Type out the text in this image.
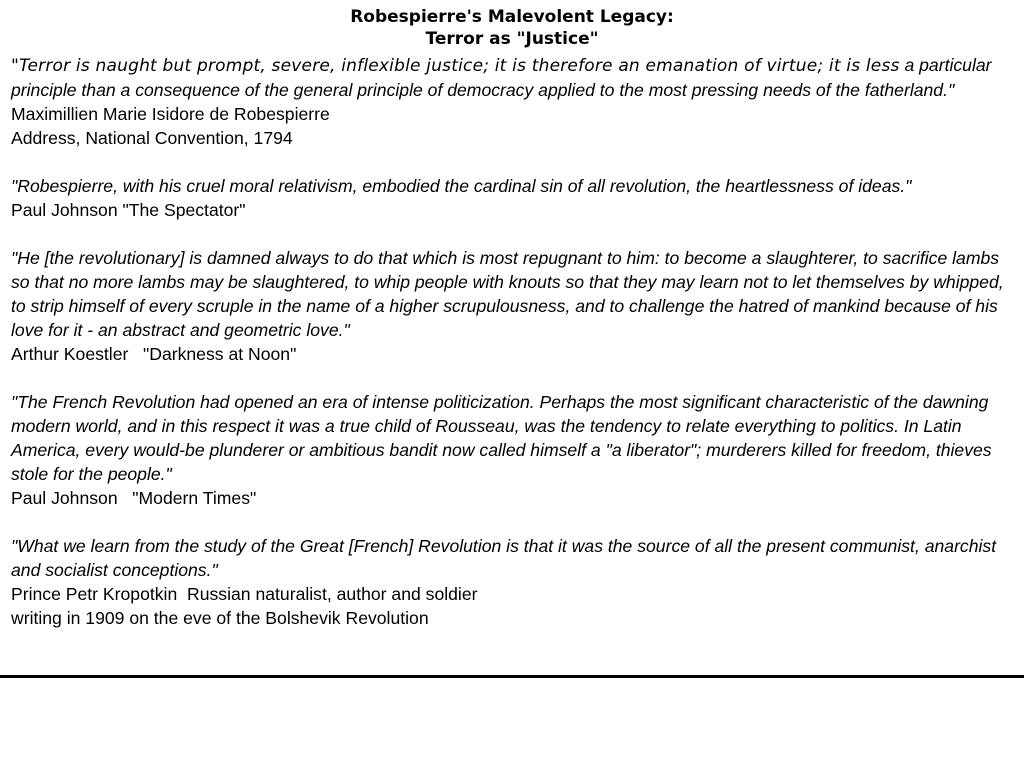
Robespierre's Malevolent Legacy:
Terror as "Justice"
"Terror is naught but prompt, severe, inflexible justice; it is therefore an emanation of virtue; it is less a particular principle than a consequence of the general principle of democracy applied to the most pressing needs of the fatherland."
Maximillien Marie Isidore de Robespierre
Address, National Convention, 1794
"Robespierre, with his cruel moral relativism, embodied the cardinal sin of all revolution, the heartlessness of ideas."
Paul Johnson "The Spectator"
"He [the revolutionary] is damned always to do that which is most repugnant to him: to become a slaughterer, to sacrifice lambs so that no more lambs may be slaughtered, to whip people with knouts so that they may learn not to let themselves by whipped, to strip himself of every scruple in the name of a higher scrupulousness, and to challenge the hatred of mankind because of his love for it - an abstract and geometric love."
Arthur Koestler   "Darkness at Noon"
"The French Revolution had opened an era of intense politicization. Perhaps the most significant characteristic of the dawning modern world, and in this respect it was a true child of Rousseau, was the tendency to relate everything to politics. In Latin America, every would-be plunderer or ambitious bandit now called himself a "a liberator"; murderers killed for freedom, thieves stole for the people."
Paul Johnson   "Modern Times"
"What we learn from the study of the Great [French] Revolution is that it was the source of all the present communist, anarchist and socialist conceptions."
Prince Petr Kropotkin  Russian naturalist, author and soldier
writing in 1909 on the eve of the Bolshevik Revolution
